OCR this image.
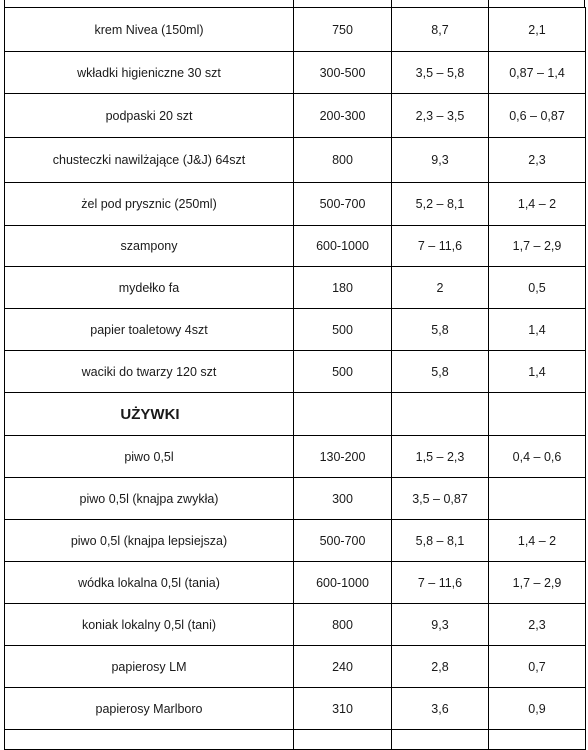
krem Nivea (150ml)	750	8,7	2,1
wkładki higieniczne 30 szt	300-500	3,5 – 5,8	0,87 – 1,4
podpaski 20 szt	200-300	2,3 – 3,5	0,6 – 0,87
chusteczki nawilżające (J&J) 64szt	800	9,3	2,3
żel pod prysznic (250ml)	500-700	5,2 – 8,1	1,4 – 2
szampony	600-1000	7 – 11,6	1,7 – 2,9
mydełko fa	180	2	0,5
papier toaletowy 4szt	500	5,8	1,4
waciki do twarzy 120 szt	500	5,8	1,4
UŻYWKI			
piwo 0,5l	130-200	1,5 – 2,3	0,4 – 0,6
piwo 0,5l (knajpa zwykła)	300	3,5 – 0,87	
piwo 0,5l (knajpa lepsiejsza)	500-700	5,8 – 8,1	1,4 – 2
wódka lokalna 0,5l (tania)	600-1000	7 – 11,6	1,7 – 2,9
koniak lokalny 0,5l (tani)	800	9,3	2,3
papierosy LM	240	2,8	0,7
papierosy Marlboro	310	3,6	0,9
